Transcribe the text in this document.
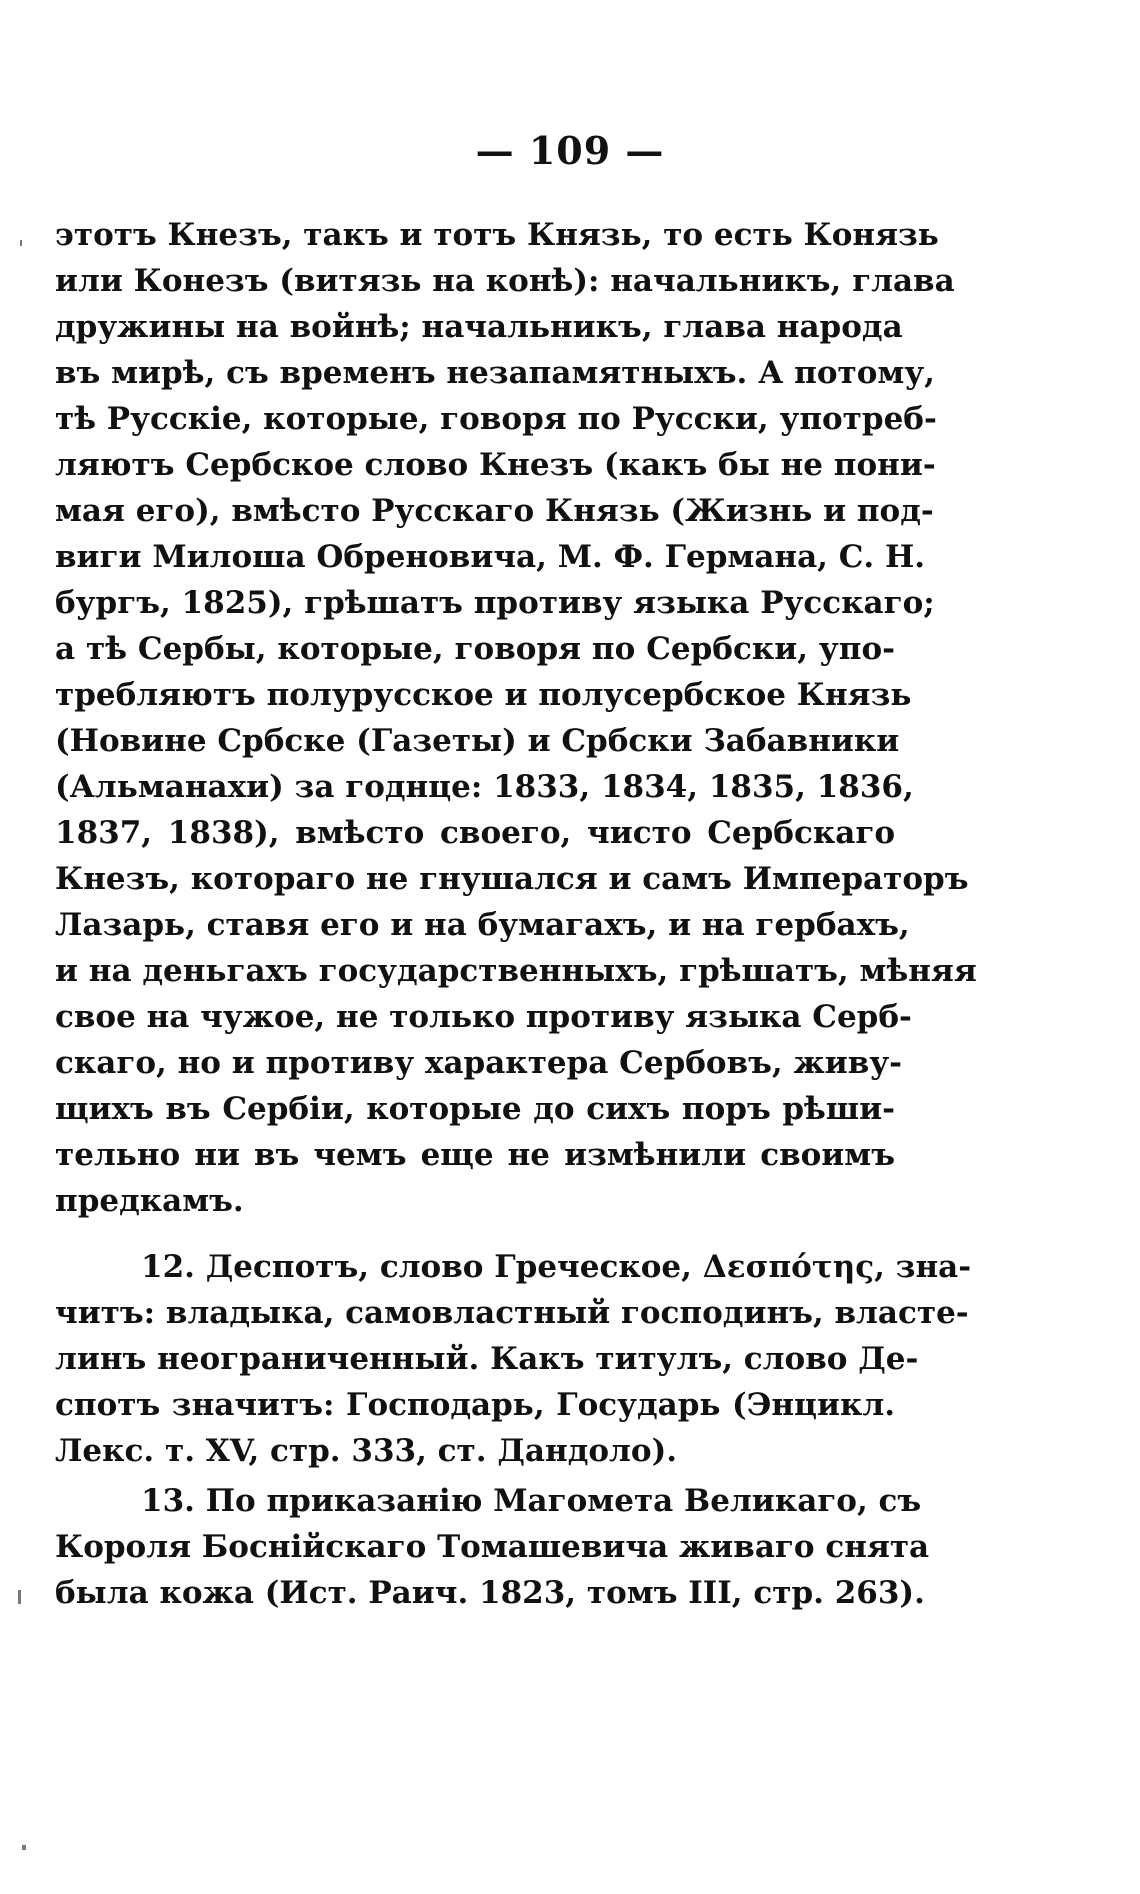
— 109 —
этотъ Кнезъ, такъ и тотъ Князь, то есть Конязь
или Конезъ (витязь на конѣ): начальникъ, глава
дружины на войнѣ; начальникъ, глава народа
въ мирѣ, съ временъ незапамятныхъ. А потому,
тѣ Русскіе, которые, говоря по Русски, употреб-
ляютъ Сербское слово Кнезъ (какъ бы не пони-
мая его), вмѣсто Русскаго Князь (Жизнь и под-
виги Милоша Обреновича, М. Ф. Германа, С. Н.
бургъ, 1825), грѣшатъ противу языка Русскаго;
а тѣ Сербы, которые, говоря по Сербски, упо-
требляютъ полурусское и полусербское Князь
(Новине Србске (Газеты) и Србски Забавники
(Альманахи) за годнце: 1833, 1834, 1835, 1836,
1837, 1838), вмѣсто своего, чисто Сербскаго
Кнезъ, котораго не гнушался и самъ Императоръ
Лазарь, ставя его и на бумагахъ, и на гербахъ,
и на деньгахъ государственныхъ, грѣшатъ, мѣняя
свое на чужое, не только противу языка Серб-
скаго, но и противу характера Сербовъ, живу-
щихъ въ Сербіи, которые до сихъ поръ рѣши-
тельно ни въ чемъ еще не измѣнили своимъ
предкамъ.
12. Деспотъ, слово Греческое, Δεσπότης, зна-
читъ: владыка, самовластный господинъ, власте-
линъ неограниченный. Какъ титулъ, слово Де-
спотъ значитъ: Господарь, Государь (Энцикл.
Лекс. т. XV, стр. 333, ст. Дандоло).
13. По приказанію Магомета Великаго, съ
Короля Боснійскаго Томашевича живаго снята
была кожа (Ист. Раич. 1823, томъ III, стр. 263).
